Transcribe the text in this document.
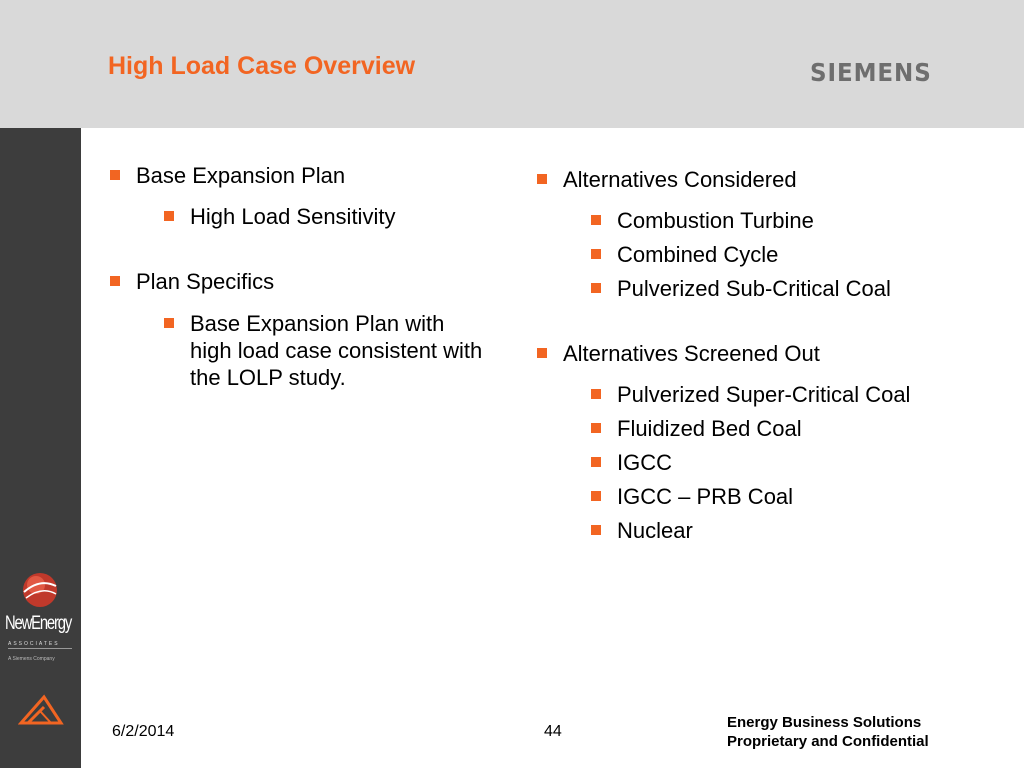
High Load Case Overview	SIEMENS
NewEnergy
ASSOCIATES
A Siemens Company
Base Expansion Plan
High Load Sensitivity
Plan Specifics
Base Expansion Plan with high load case consistent with the LOLP study.
Alternatives Considered
Combustion Turbine
Combined Cycle
Pulverized Sub-Critical Coal
Alternatives Screened Out
Pulverized Super-Critical Coal
Fluidized Bed Coal
IGCC
IGCC – PRB Coal
Nuclear
6/2/2014	44
Energy Business Solutions
Proprietary and Confidential
